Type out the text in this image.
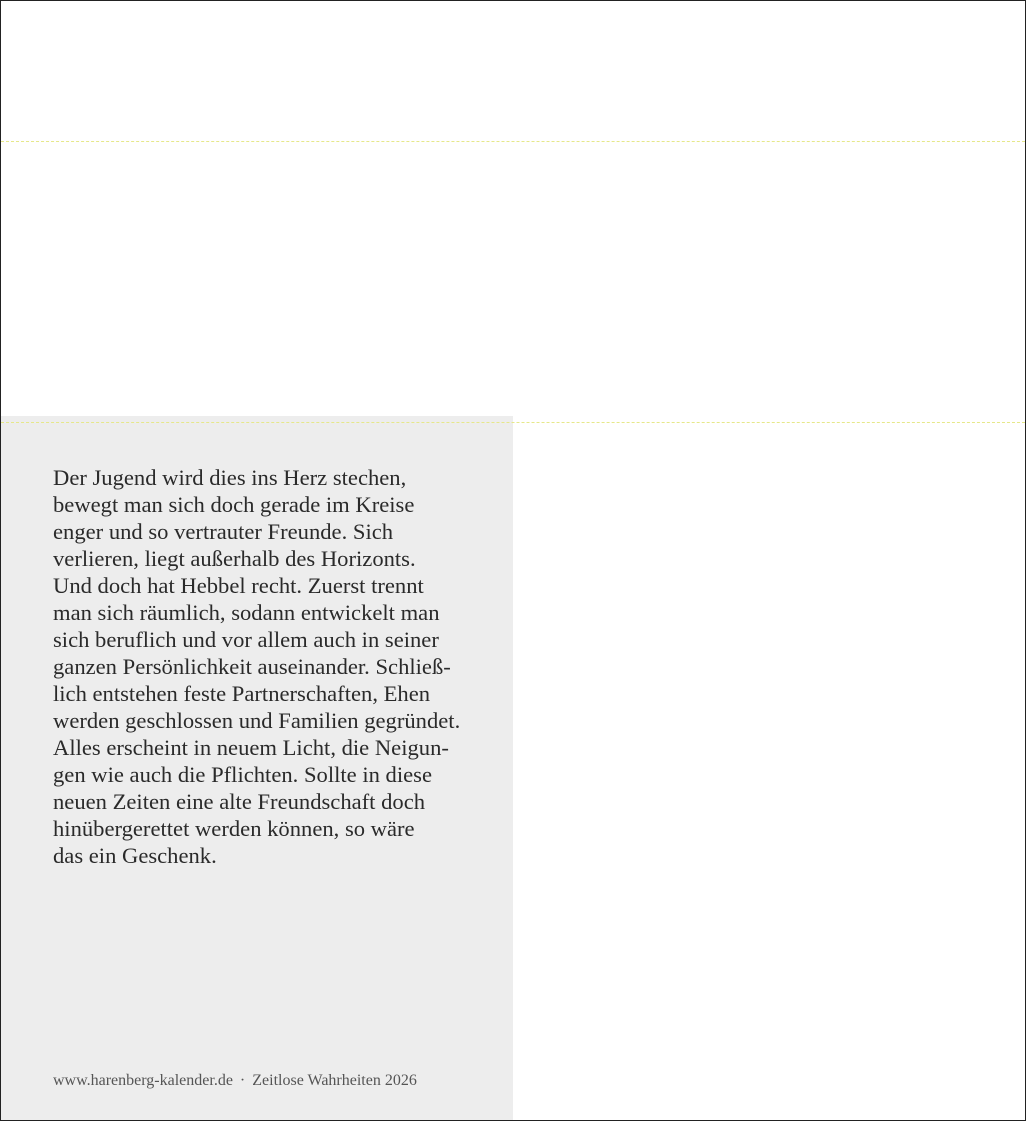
Der Jugend wird dies ins Herz stechen,
bewegt man sich doch gerade im Kreise
enger und so vertrauter Freunde. Sich
verlieren, liegt außerhalb des Horizonts.
Und doch hat Hebbel recht. Zuerst trennt
man sich räumlich, sodann entwickelt man
sich beruflich und vor allem auch in seiner
ganzen Persönlichkeit auseinander. Schließ-
lich entstehen feste Partnerschaften, Ehen
werden geschlossen und Familien gegründet.
Alles erscheint in neuem Licht, die Neigun-
gen wie auch die Pflichten. Sollte in diese
neuen Zeiten eine alte Freundschaft doch
hinübergerettet werden können, so wäre
das ein Geschenk.

www.harenberg-kalender.de · Zeitlose Wahrheiten 2026
